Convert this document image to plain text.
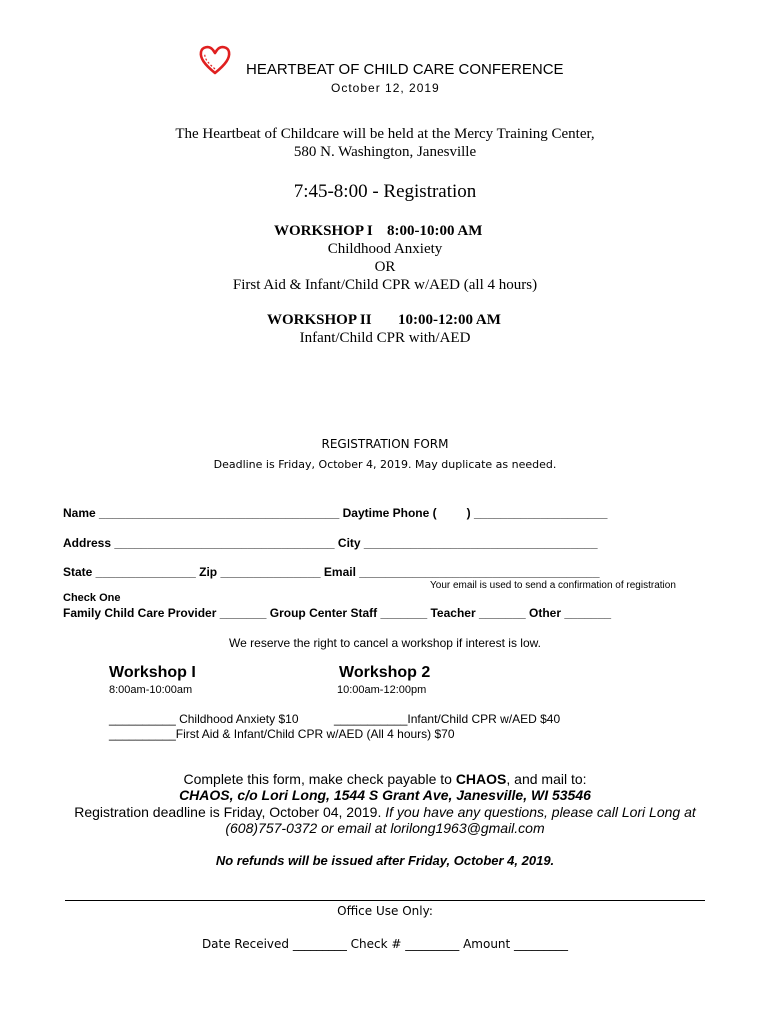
HEARTBEAT OF CHILD CARE CONFERENCE
October 12, 2019
The Heartbeat of Childcare will be held at the Mercy Training Center,
580 N. Washington, Janesville
7:45-8:00 - Registration
WORKSHOP I 8:00-10:00 AM
Childhood Anxiety
OR
First Aid & Infant/Child CPR w/AED (all 4 hours)
WORKSHOP II 10:00-12:00 AM
Infant/Child CPR with/AED
REGISTRATION FORM
Deadline is Friday, October 4, 2019. May duplicate as needed.
Name ____________________________________ Daytime Phone (         ) ____________________
Address _________________________________ City ___________________________________
State _______________ Zip _______________ Email ____________________________________
Your email is used to send a confirmation of registration
Check One
Family Child Care Provider _______ Group Center Staff _______ Teacher _______ Other _______
We reserve the right to cancel a workshop if interest is low.
Workshop I
8:00am-10:00am
Workshop 2
10:00am-12:00pm
__________ Childhood Anxiety $10	___________Infant/Child CPR w/AED $40
__________First Aid & Infant/Child CPR w/AED (All 4 hours) $70
Complete this form, make check payable to CHAOS, and mail to:
CHAOS, c/o Lori Long, 1544 S Grant Ave, Janesville, WI 53546
Registration deadline is Friday, October 04, 2019. If you have any questions, please call Lori Long at
(608)757-0372 or email at lorilong1963@gmail.com
No refunds will be issued after Friday, October 4, 2019.
Office Use Only:
Date Received _________ Check # _________ Amount _________
